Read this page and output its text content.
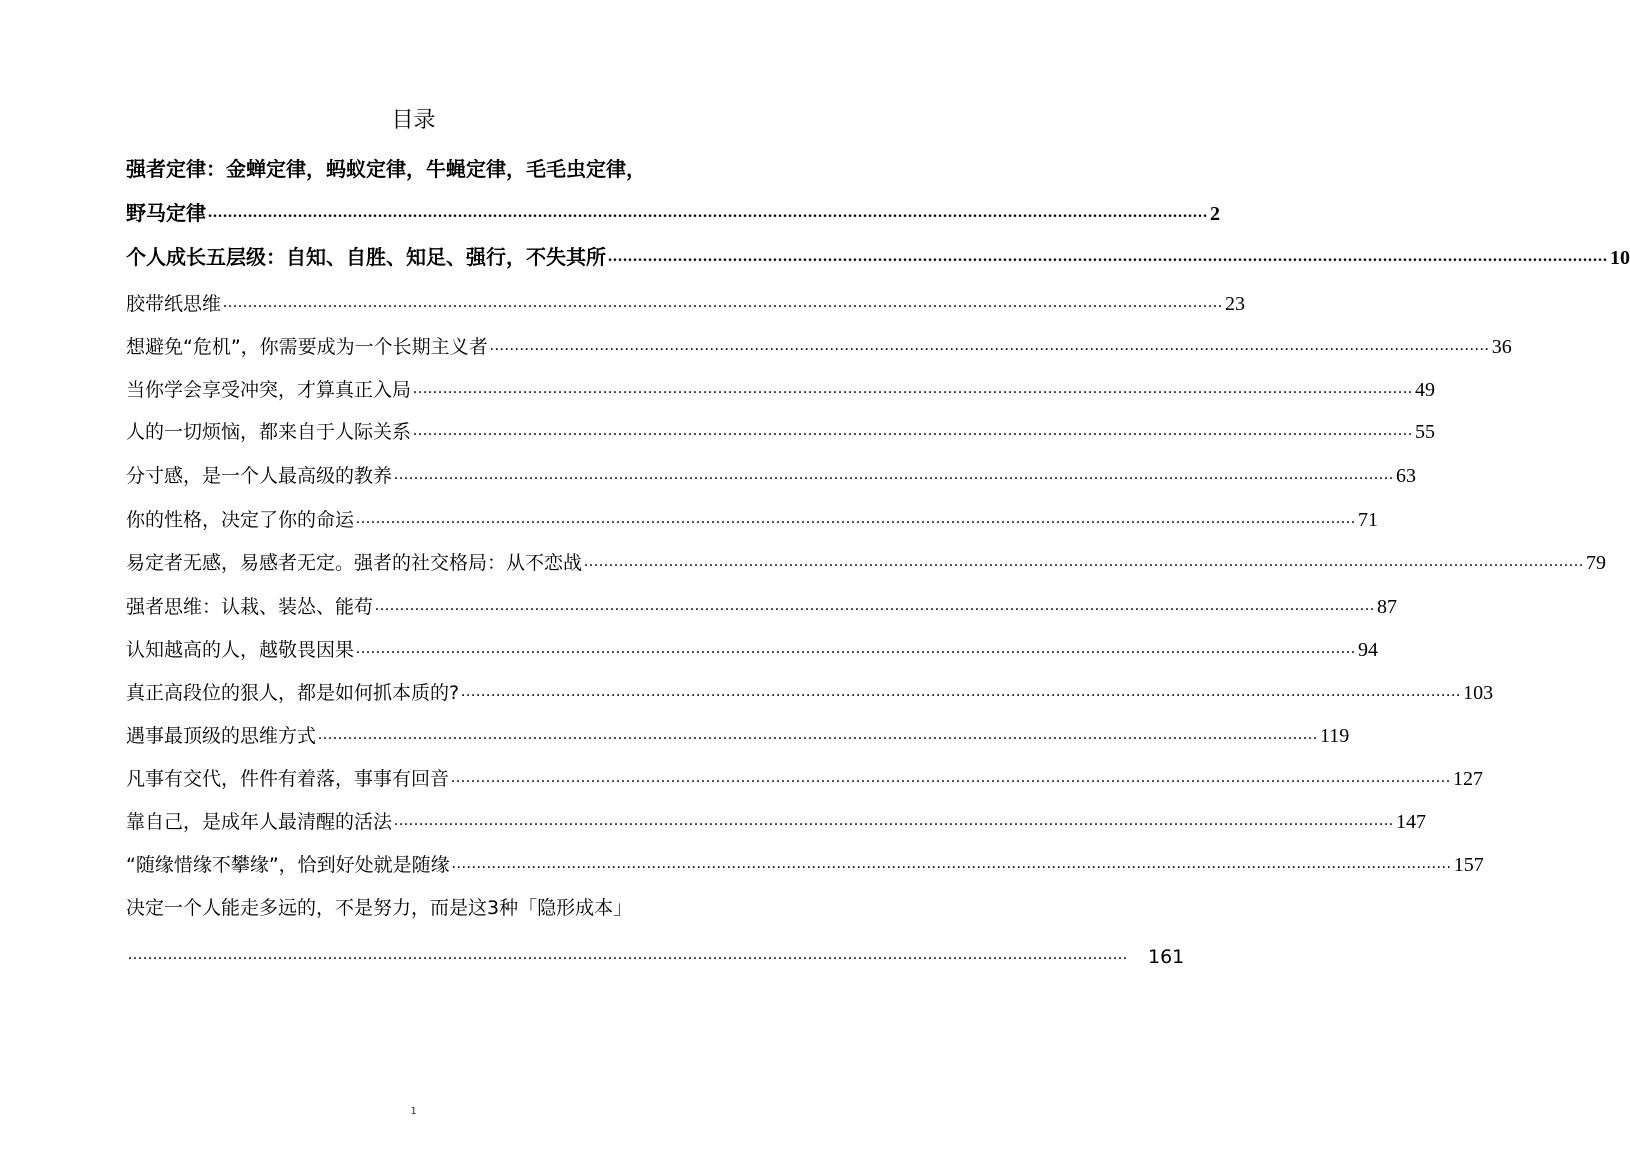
目录
强者定律：金蝉定律，蚂蚁定律，牛蝇定律，毛毛虫定律，
野马定律 ........................................................................................................................................................................................................ 2
个人成长五层级：自知、自胜、知足、强行，不失其所 ........................................................................................................................................................................................................ 10
胶带纸思维 ........................................................................................................................................................................................................ 23
想避免“危机”，你需要成为一个长期主义者 ........................................................................................................................................................................................................ 36
当你学会享受冲突，才算真正入局 ........................................................................................................................................................................................................ 49
人的一切烦恼，都来自于人际关系 ........................................................................................................................................................................................................ 55
分寸感，是一个人最高级的教养 ........................................................................................................................................................................................................ 63
你的性格，决定了你的命运 ........................................................................................................................................................................................................ 71
易定者无感，易感者无定。强者的社交格局：从不恋战 ........................................................................................................................................................................................................ 79
强者思维：认栽、装怂、能苟 ........................................................................................................................................................................................................ 87
认知越高的人，越敬畏因果 ........................................................................................................................................................................................................ 94
真正高段位的狠人，都是如何抓本质的? ........................................................................................................................................................................................................ 103
遇事最顶级的思维方式 ........................................................................................................................................................................................................ 119
凡事有交代，件件有着落，事事有回音 ........................................................................................................................................................................................................ 127
靠自己，是成年人最清醒的活法 ........................................................................................................................................................................................................ 147
“随缘惜缘不攀缘”，恰到好处就是随缘 ........................................................................................................................................................................................................ 157
决定一个人能走多远的，不是努力，而是这3种「隐形成本」
........................................................................................................................................................................................................ 161
1
